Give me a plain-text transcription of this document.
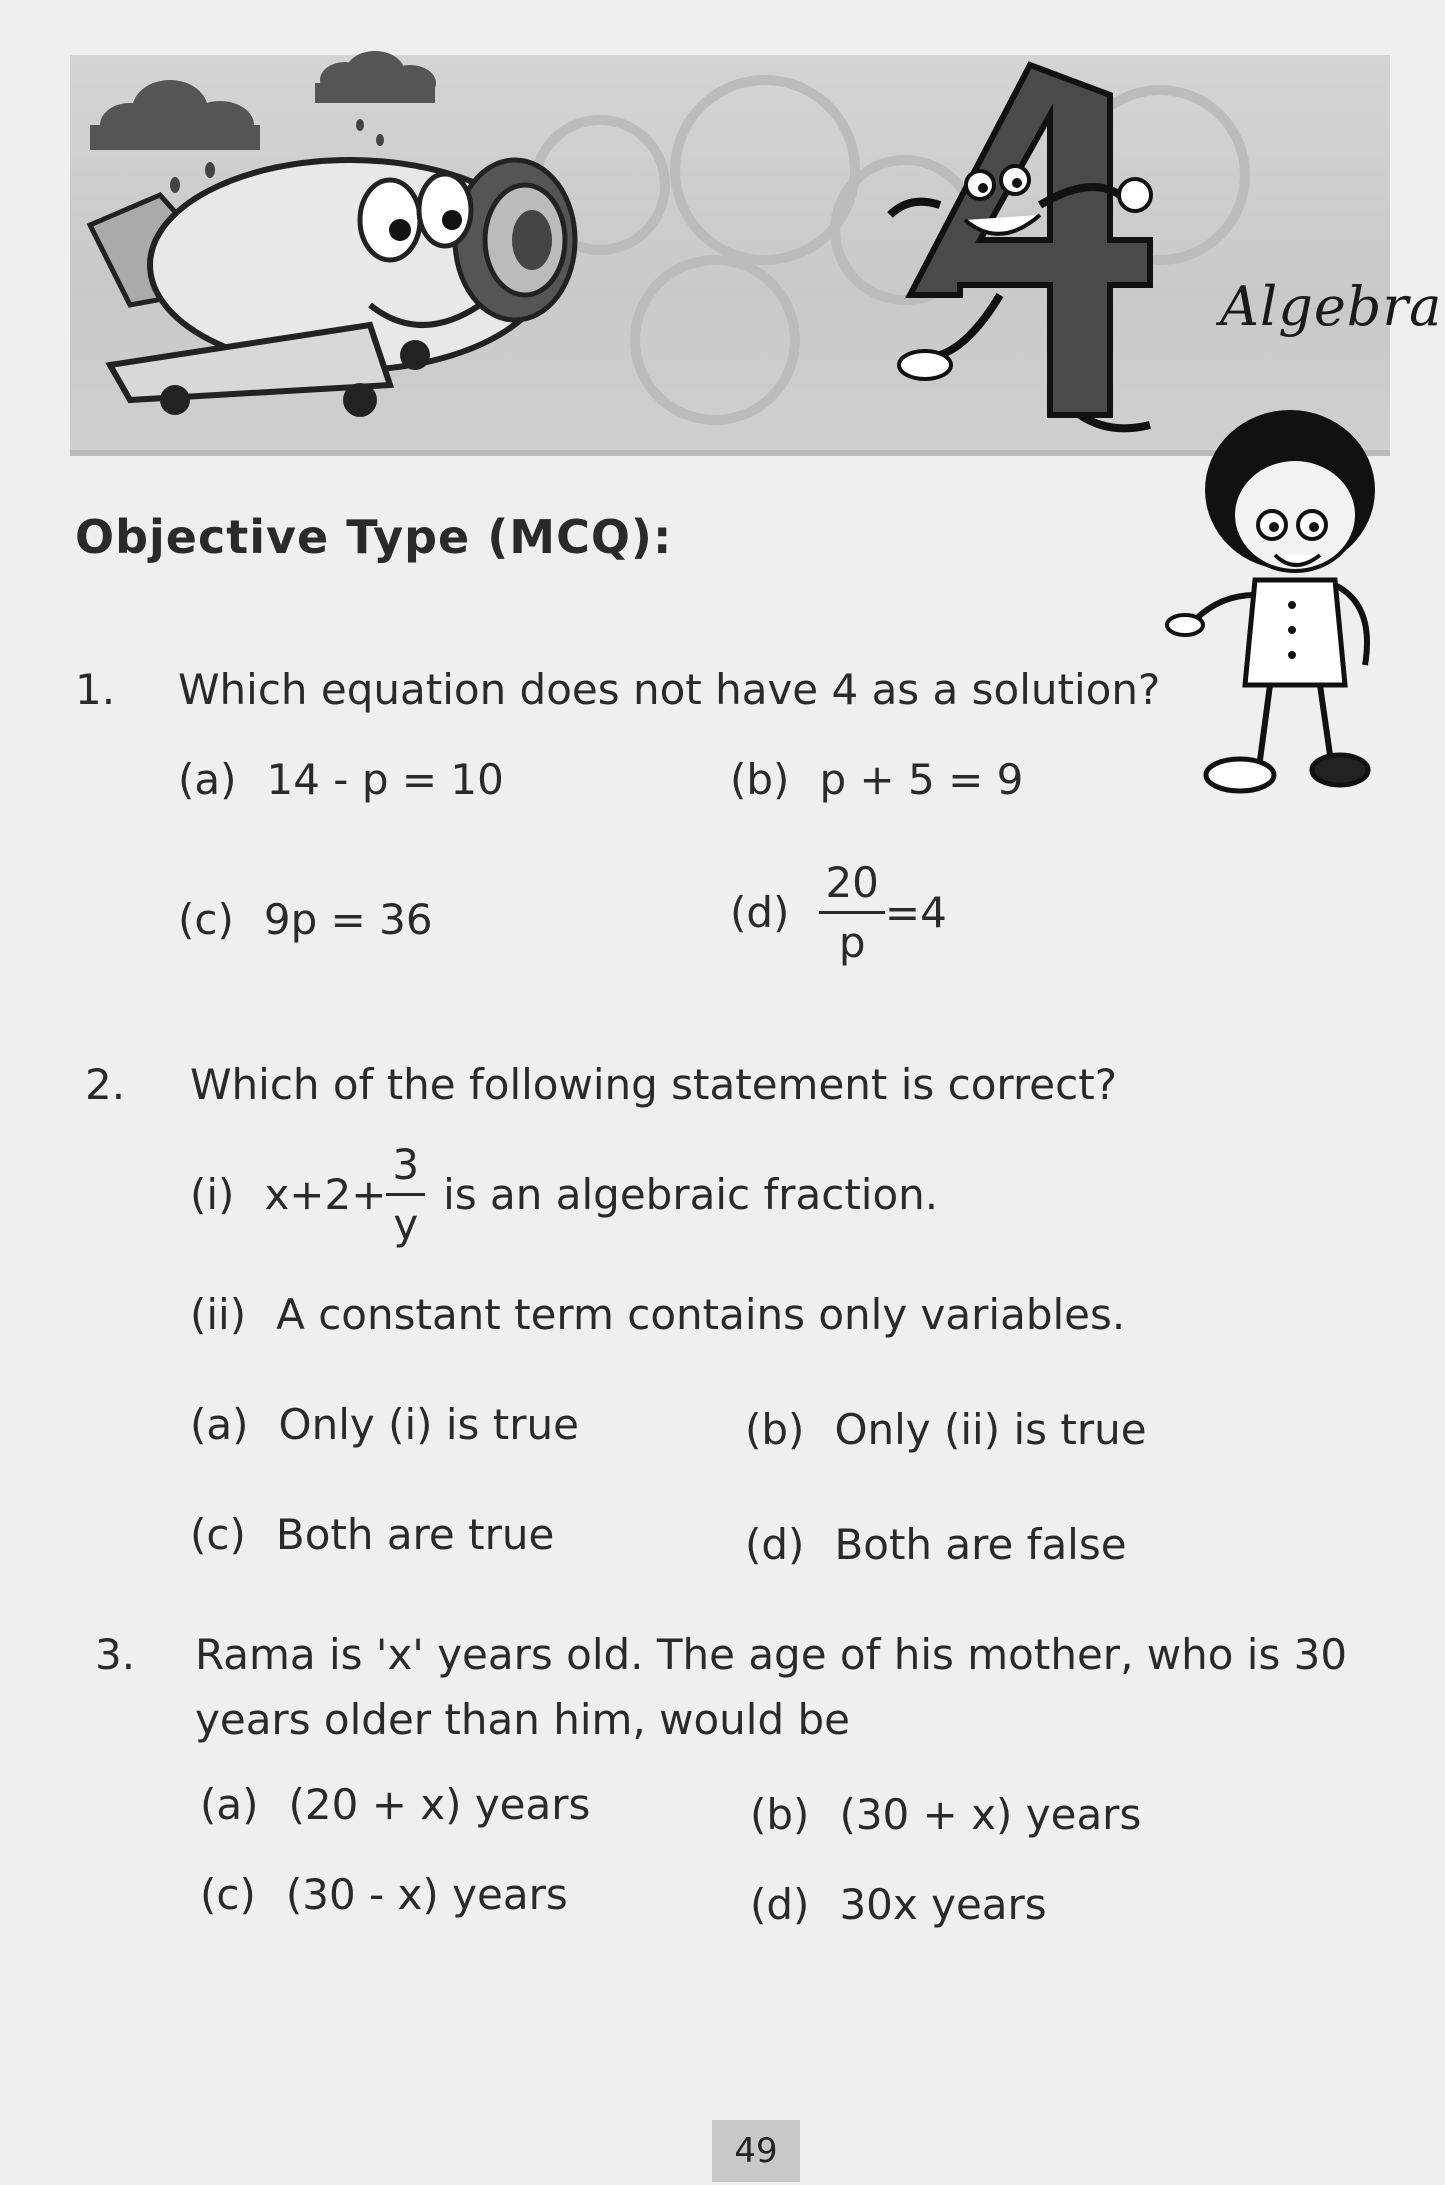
Algebra
Objective Type (MCQ):
1. Which equation does not have 4 as a solution?
(a) 14 - p = 10	(b) p + 5 = 9
(c) 9p = 36	$(d) \frac{20}{p} =4$
2. Which of the following statement is correct?
(i) $x+2+ \frac{3}{y}$ is an algebraic fraction.
(ii) A constant term contains only variables.
(a) Only (i) is true	(b) Only (ii) is true
(c) Both are true	(d) Both are false
3. Rama is 'x' years old. The age of his mother, who is 30
years older than him, would be
(a) (20 + x) years	(b) (30 + x) years
(c) (30 - x) years	(d) 30x years
49
